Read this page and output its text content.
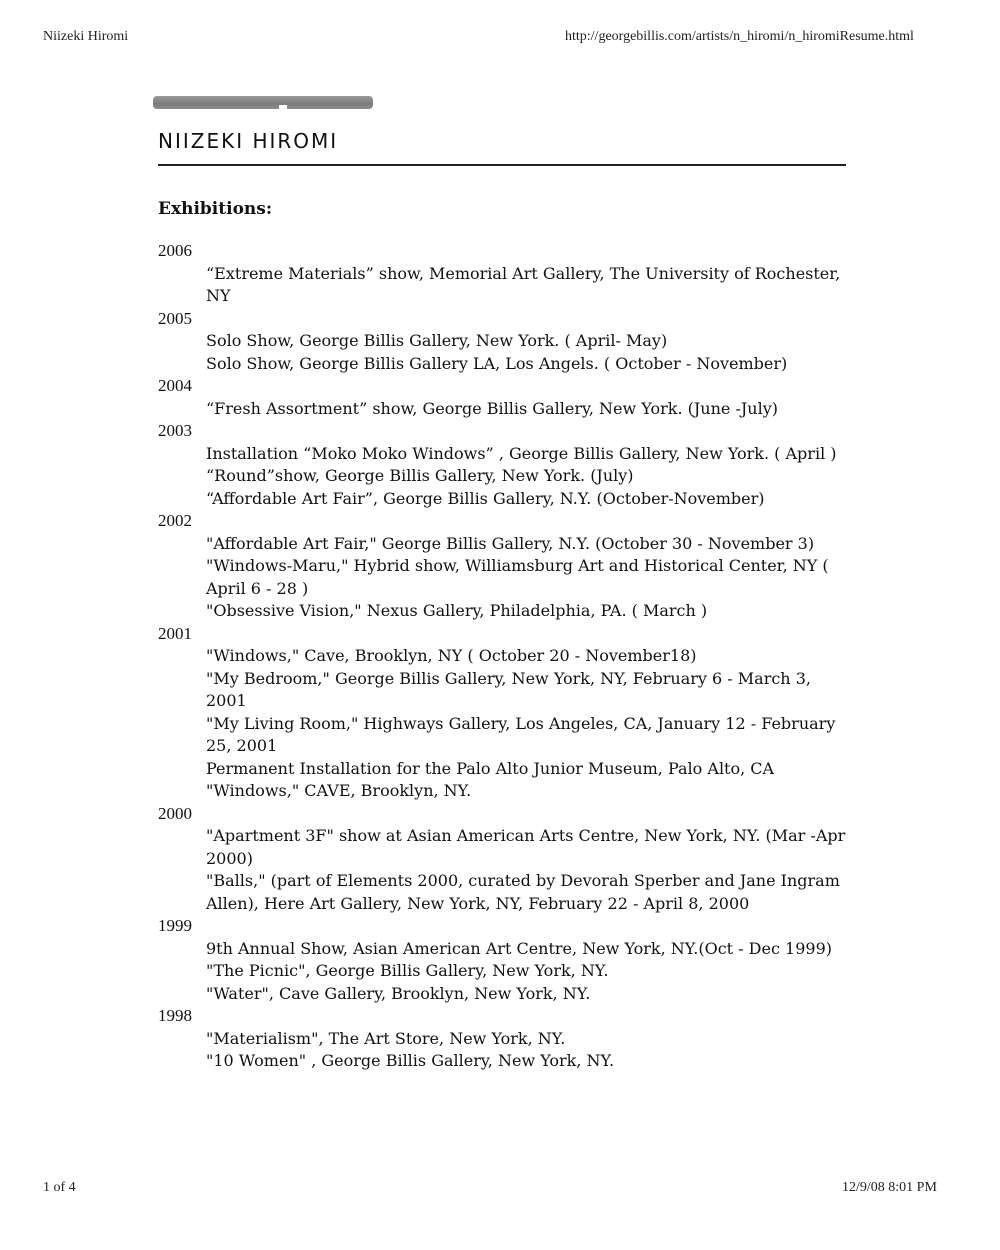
Niizeki Hiromi	http://georgebillis.com/artists/n_hiromi/n_hiromiResume.html
NIIZEKI HIROMI
Exhibitions:
2006
“Extreme Materials” show, Memorial Art Gallery, The University of Rochester, NY
2005
Solo Show, George Billis Gallery, New York. ( April- May)
Solo Show, George Billis Gallery LA, Los Angels. ( October - November)
2004
“Fresh Assortment” show, George Billis Gallery, New York. (June -July)
2003
Installation “Moko Moko Windows” , George Billis Gallery, New York. ( April )
“Round”show, George Billis Gallery, New York. (July)
“Affordable Art Fair”, George Billis Gallery, N.Y. (October-November)
2002
"Affordable Art Fair," George Billis Gallery, N.Y. (October 30 - November 3)
"Windows-Maru," Hybrid show, Williamsburg Art and Historical Center, NY ( April 6 - 28 )
"Obsessive Vision," Nexus Gallery, Philadelphia, PA. ( March )
2001
"Windows," Cave, Brooklyn, NY ( October 20 - November18)
"My Bedroom," George Billis Gallery, New York, NY, February 6 - March 3, 2001
"My Living Room," Highways Gallery, Los Angeles, CA, January 12 - February 25, 2001
Permanent Installation for the Palo Alto Junior Museum, Palo Alto, CA
"Windows," CAVE, Brooklyn, NY.
2000
"Apartment 3F" show at Asian American Arts Centre, New York, NY. (Mar -Apr 2000)
"Balls," (part of Elements 2000, curated by Devorah Sperber and Jane Ingram Allen), Here Art Gallery, New York, NY, February 22 - April 8, 2000
1999
9th Annual Show, Asian American Art Centre, New York, NY.(Oct - Dec 1999)
"The Picnic", George Billis Gallery, New York, NY.
"Water", Cave Gallery, Brooklyn, New York, NY.
1998
"Materialism", The Art Store, New York, NY.
"10 Women" , George Billis Gallery, New York, NY.
1 of 4	12/9/08 8:01 PM
